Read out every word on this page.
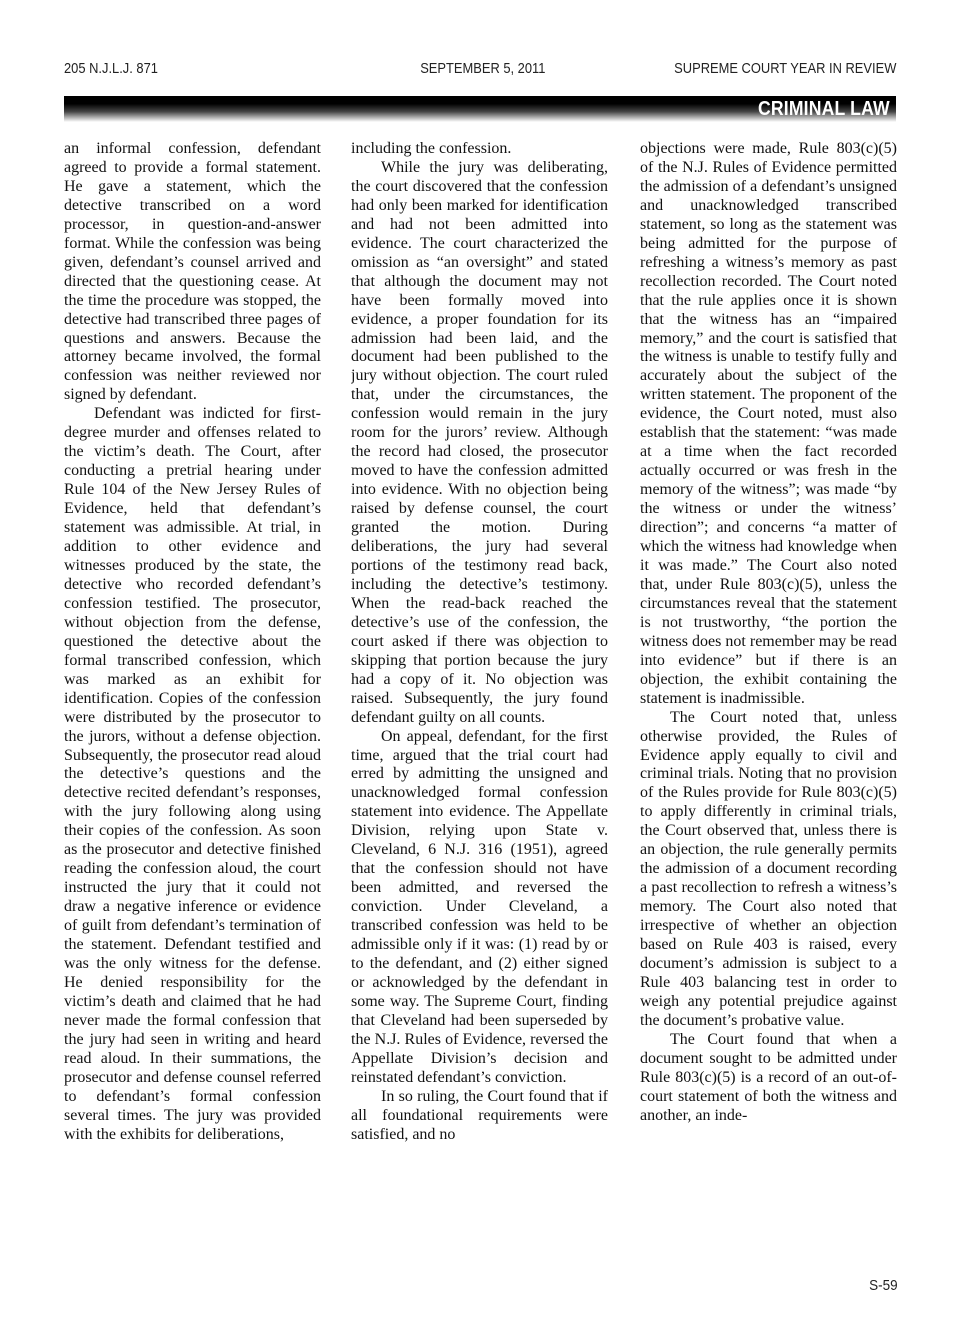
205 N.J.L.J. 871	SEPTEMBER 5, 2011	SUPREME COURT YEAR IN REVIEW
CRIMINAL LAW

an informal confession, defendant agreed to provide a formal statement. He gave a statement, which the detective transcribed on a word processor, in question-and-answer format. While the confession was being given, defendant’s counsel arrived and directed that the questioning cease. At the time the procedure was stopped, the detective had transcribed three pages of questions and answers. Because the attorney became involved, the formal confession was neither reviewed nor signed by defendant.

Defendant was indicted for first-degree murder and offenses related to the victim’s death. The Court, after conducting a pretrial hearing under Rule 104 of the New Jersey Rules of Evidence, held that defendant’s statement was admissible. At trial, in addition to other evidence and witnesses produced by the state, the detective who recorded defendant’s confession testified. The prosecutor, without objection from the defense, questioned the detective about the formal transcribed confession, which was marked as an exhibit for identification. Copies of the confession were distributed by the prosecutor to the jurors, without a defense objection. Subsequently, the prosecutor read aloud the detective’s questions and the detective recited defendant’s responses, with the jury following along using their copies of the confession. As soon as the prosecutor and detective finished reading the confession aloud, the court instructed the jury that it could not draw a negative inference or evidence of guilt from defendant’s termination of the statement. Defendant testified and was the only witness for the defense. He denied responsibility for the victim’s death and claimed that he had never made the formal confession that the jury had seen in writing and heard read aloud. In their summations, the prosecutor and defense counsel referred to defendant’s formal confession several times. The jury was provided with the exhibits for deliberations,

including the confession.

While the jury was deliberating, the court discovered that the confession had only been marked for identification and had not been admitted into evidence. The court characterized the omission as “an oversight” and stated that although the document may not have been formally moved into evidence, a proper foundation for its admission had been laid, and the document had been published to the jury without objection. The court ruled that, under the circumstances, the confession would remain in the jury room for the jurors’ review. Although the record had closed, the prosecutor moved to have the confession admitted into evidence. With no objection being raised by defense counsel, the court granted the motion. During deliberations, the jury had several portions of the testimony read back, including the detective’s testimony. When the read-back reached the detective’s use of the confession, the court asked if there was objection to skipping that portion because the jury had a copy of it. No objection was raised. Subsequently, the jury found defendant guilty on all counts.

On appeal, defendant, for the first time, argued that the trial court had erred by admitting the unsigned and unacknowledged formal confession statement into evidence. The Appellate Division, relying upon State v. Cleveland, 6 N.J. 316 (1951), agreed that the confession should not have been admitted, and reversed the conviction. Under Cleveland, a transcribed confession was held to be admissible only if it was: (1) read by or to the defendant, and (2) either signed or acknowledged by the defendant in some way. The Supreme Court, finding that Cleveland had been superseded by the N.J. Rules of Evidence, reversed the Appellate Division’s decision and reinstated defendant’s conviction.

In so ruling, the Court found that if all foundational requirements were satisfied, and no

objections were made, Rule 803(c)(5) of the N.J. Rules of Evidence permitted the admission of a defendant’s unsigned and unacknowledged transcribed statement, so long as the statement was being admitted for the purpose of refreshing a witness’s memory as past recollection recorded. The Court noted that the rule applies once it is shown that the witness has an “impaired memory,” and the court is satisfied that the witness is unable to testify fully and accurately about the subject of the written statement. The proponent of the evidence, the Court noted, must also establish that the statement: “was made at a time when the fact recorded actually occurred or was fresh in the memory of the witness”; was made “by the witness or under the witness’ direction”; and concerns “a matter of which the witness had knowledge when it was made.” The Court also noted that, under Rule 803(c)(5), unless the circumstances reveal that the statement is not trustworthy, “the portion the witness does not remember may be read into evidence” but if there is an objection, the exhibit containing the statement is inadmissible.

The Court noted that, unless otherwise provided, the Rules of Evidence apply equally to civil and criminal trials. Noting that no provision of the Rules provide for Rule 803(c)(5) to apply differently in criminal trials, the Court observed that, unless there is an objection, the rule generally permits the admission of a document recording a past recollection to refresh a witness’s memory. The Court also noted that irrespective of whether an objection based on Rule 403 is raised, every document’s admission is subject to a Rule 403 balancing test in order to weigh any potential prejudice against the document’s probative value.

The Court found that when a document sought to be admitted under Rule 803(c)(5) is a record of an out-of-court statement of both the witness and another, an inde-

S-59
